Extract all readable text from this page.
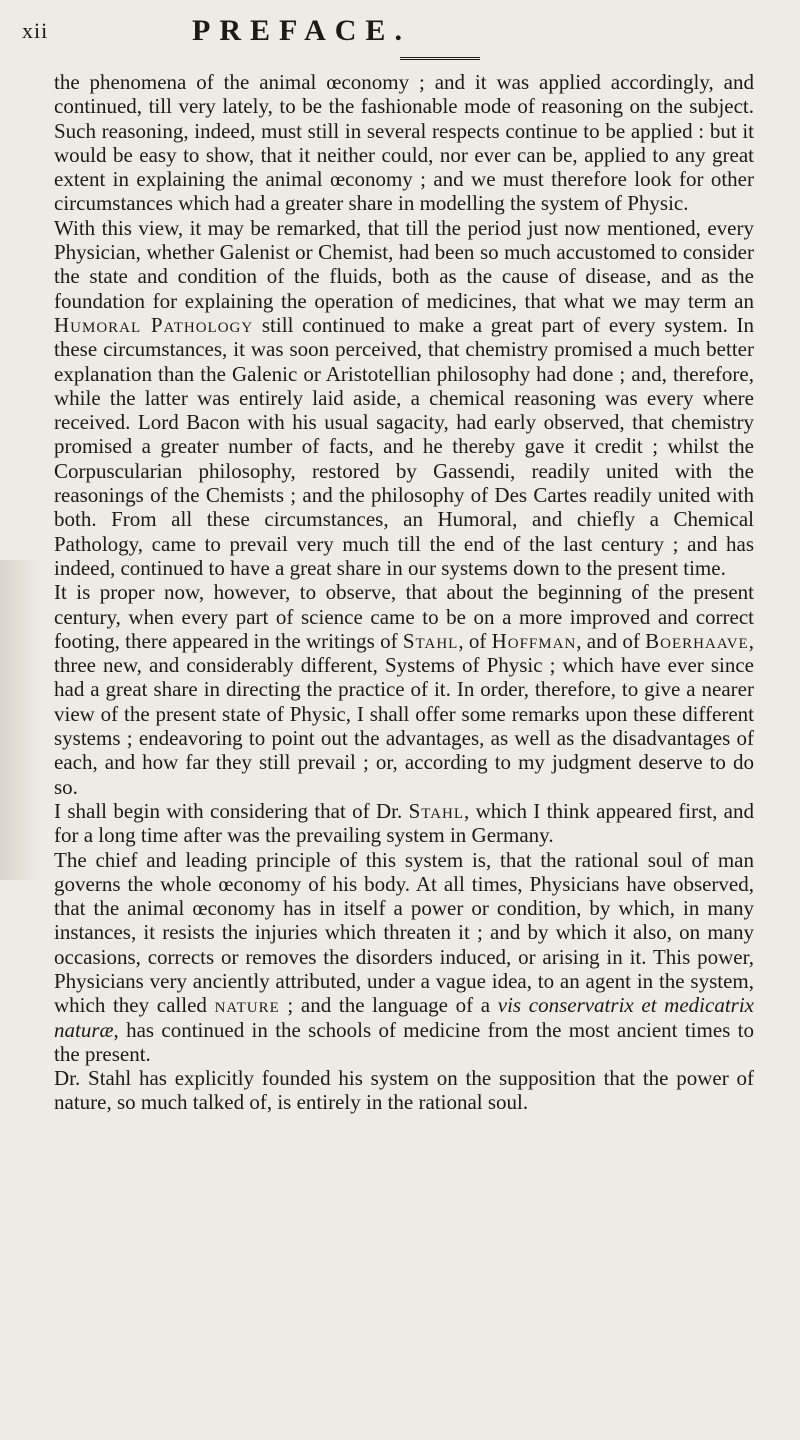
xii	PREFACE.

the phenomena of the animal œconomy ; and it was applied accordingly, and continued, till very lately, to be the fashionable mode of reasoning on the subject. Such reasoning, indeed, must still in several respects continue to be applied : but it would be easy to show, that it neither could, nor ever can be, applied to any great extent in explaining the animal œconomy ; and we must therefore look for other circumstances which had a greater share in modelling the system of Physic.

With this view, it may be remarked, that till the period just now mentioned, every Physician, whether Galenist or Chemist, had been so much accustomed to consider the state and condition of the fluids, both as the cause of disease, and as the foundation for explaining the operation of medicines, that what we may term an Humoral Pathology still continued to make a great part of every system. In these circumstances, it was soon perceived, that chemistry promised a much better explanation than the Galenic or Aristotellian philosophy had done ; and, therefore, while the latter was entirely laid aside, a chemical reasoning was every where received. Lord Bacon with his usual sagacity, had early observed, that chemistry promised a greater number of facts, and he thereby gave it credit ; whilst the Corpuscularian philosophy, restored by Gassendi, readily united with the reasonings of the Chemists ; and the philosophy of Des Cartes readily united with both. From all these circumstances, an Humoral, and chiefly a Chemical Pathology, came to prevail very much till the end of the last century ; and has indeed, continued to have a great share in our systems down to the present time.

It is proper now, however, to observe, that about the beginning of the present century, when every part of science came to be on a more improved and correct footing, there appeared in the writings of Stahl, of Hoffman, and of Boerhaave, three new, and considerably different, Systems of Physic ; which have ever since had a great share in directing the practice of it. In order, therefore, to give a nearer view of the present state of Physic, I shall offer some remarks upon these different systems ; endeavoring to point out the advantages, as well as the disadvantages of each, and how far they still prevail ; or, according to my judgment deserve to do so.

I shall begin with considering that of Dr. Stahl, which I think appeared first, and for a long time after was the prevailing system in Germany.

The chief and leading principle of this system is, that the rational soul of man governs the whole œconomy of his body. At all times, Physicians have observed, that the animal œconomy has in itself a power or condition, by which, in many instances, it resists the injuries which threaten it ; and by which it also, on many occasions, corrects or removes the disorders induced, or arising in it. This power, Physicians very anciently attributed, under a vague idea, to an agent in the system, which they called nature ; and the language of a vis conservatrix et medicatrix naturæ, has continued in the schools of medicine from the most ancient times to the present.

Dr. Stahl has explicitly founded his system on the supposition that the power of nature, so much talked of, is entirely in the rational soul.
